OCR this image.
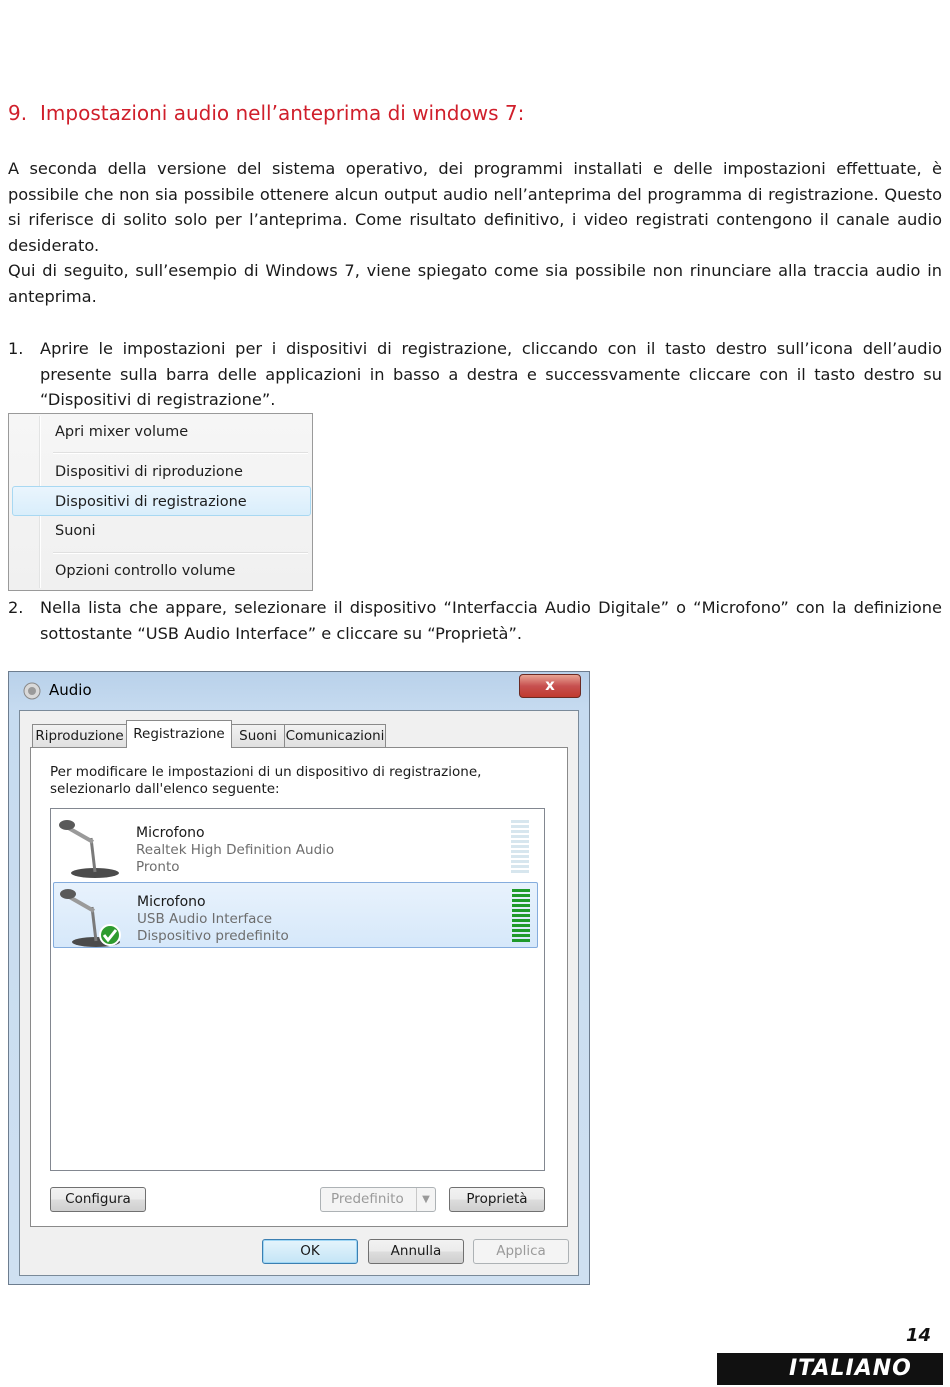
9. Impostazioni audio nell’anteprima di windows 7:
A seconda della versione del sistema operativo, dei programmi installati e delle impostazioni effettuate, è possibile che non sia possibile ottenere alcun output audio nell’anteprima del programma di registrazione. Questo si riferisce di solito solo per l’anteprima. Come risultato definitivo, i video registrati contengono il canale audio desiderato.
Qui di seguito, sull’esempio di Windows 7, viene spiegato come sia possibile non rinunciare alla traccia audio in anteprima.
1. Aprire le impostazioni per i dispositivi di registrazione, cliccando con il tasto destro sull’icona dell’audio presente sulla barra delle applicazioni in basso a destra e successvamente cliccare con il tasto destro su “Dispositivi di registrazione”.
Apri mixer volume
Dispositivi di riproduzione
Dispositivi di registrazione
Suoni
Opzioni controllo volume
2. Nella lista che appare, selezionare il dispositivo “Interfaccia Audio Digitale” o “Microfono” con la definizione sottostante “USB Audio Interface” e cliccare su “Proprietà”.
Audio	x
Riproduzione Registrazione	Suoni Comunicazioni
Per modificare le impostazioni di un dispositivo di registrazione,
selezionarlo dall'elenco seguente:
Microfono
Realtek High Definition Audio
Pronto
Microfono
USB Audio Interface
Dispositivo predefinito
Configura	Predefinito	▼	Proprietà
OK	Annulla	Applica
14
ITALIANO
